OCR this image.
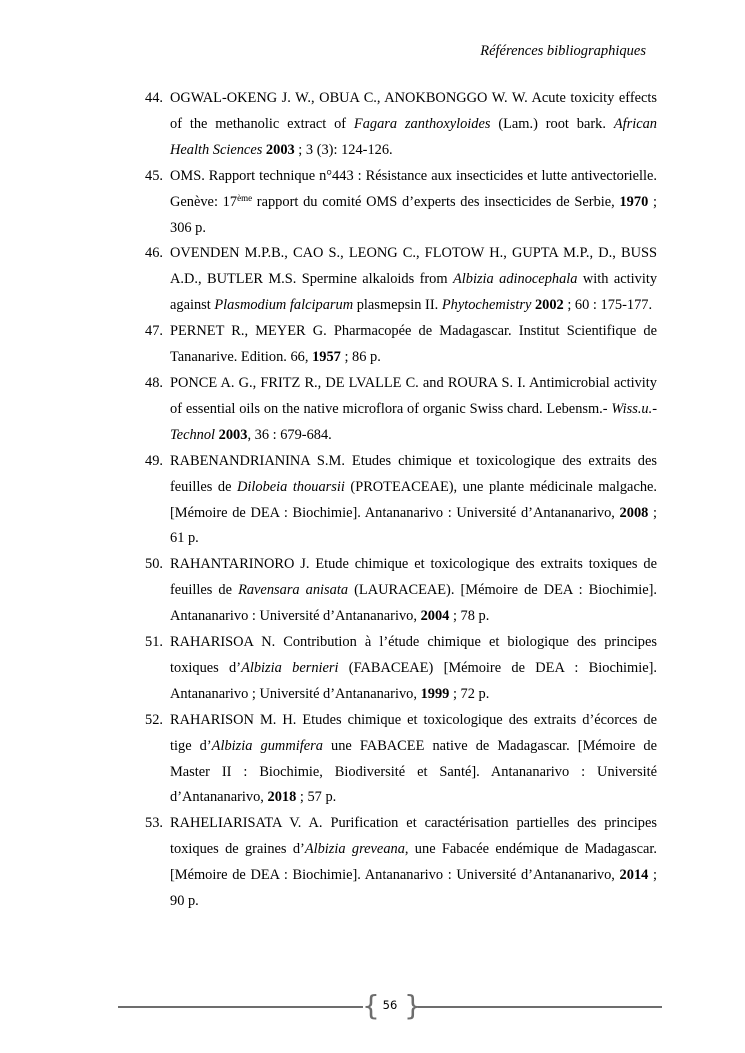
Références bibliographiques
44. OGWAL-OKENG J. W., OBUA C., ANOKBONGGO W. W. Acute toxicity effects of the methanolic extract of Fagara zanthoxyloides (Lam.) root bark. African Health Sciences 2003 ; 3 (3): 124-126.
45. OMS. Rapport technique n°443 : Résistance aux insecticides et lutte antivectorielle. Genève: 17ème rapport du comité OMS d’experts des insecticides de Serbie, 1970 ; 306 p.
46. OVENDEN M.P.B., CAO S., LEONG C., FLOTOW H., GUPTA M.P., D., BUSS A.D., BUTLER M.S. Spermine alkaloids from Albizia adinocephala with activity against Plasmodium falciparum plasmepsin II. Phytochemistry 2002 ; 60 : 175-177.
47. PERNET R., MEYER G. Pharmacopée de Madagascar. Institut Scientifique de Tananarive. Edition. 66, 1957 ; 86 p.
48. PONCE A. G., FRITZ R., DE LVALLE C. and ROURA S. I. Antimicrobial activity of essential oils on the native microflora of organic Swiss chard. Lebensm.- Wiss.u.- Technol 2003, 36 : 679-684.
49. RABENANDRIANINA S.M. Etudes chimique et toxicologique des extraits des feuilles de Dilobeia thouarsii (PROTEACEAE), une plante médicinale malgache. [Mémoire de DEA : Biochimie]. Antananarivo : Université d’Antananarivo, 2008 ; 61 p.
50. RAHANTARINORO J. Etude chimique et toxicologique des extraits toxiques de feuilles de Ravensara anisata (LAURACEAE). [Mémoire de DEA : Biochimie]. Antananarivo : Université d’Antananarivo, 2004 ; 78 p.
51. RAHARISOA N. Contribution à l’étude chimique et biologique des principes toxiques d’Albizia bernieri (FABACEAE) [Mémoire de DEA : Biochimie]. Antananarivo ; Université d’Antananarivo, 1999 ; 72 p.
52. RAHARISON M. H. Etudes chimique et toxicologique des extraits d’écorces de tige d’Albizia gummifera une FABACEE native de Madagascar. [Mémoire de Master II : Biochimie, Biodiversité et Santé]. Antananarivo : Université d’Antananarivo, 2018 ; 57 p.
53. RAHELIARISATA V. A. Purification et caractérisation partielles des principes toxiques de graines d’Albizia greveana, une Fabacée endémique de Madagascar. [Mémoire de DEA : Biochimie]. Antananarivo : Université d’Antananarivo, 2014 ; 90 p.
{ 56 }
